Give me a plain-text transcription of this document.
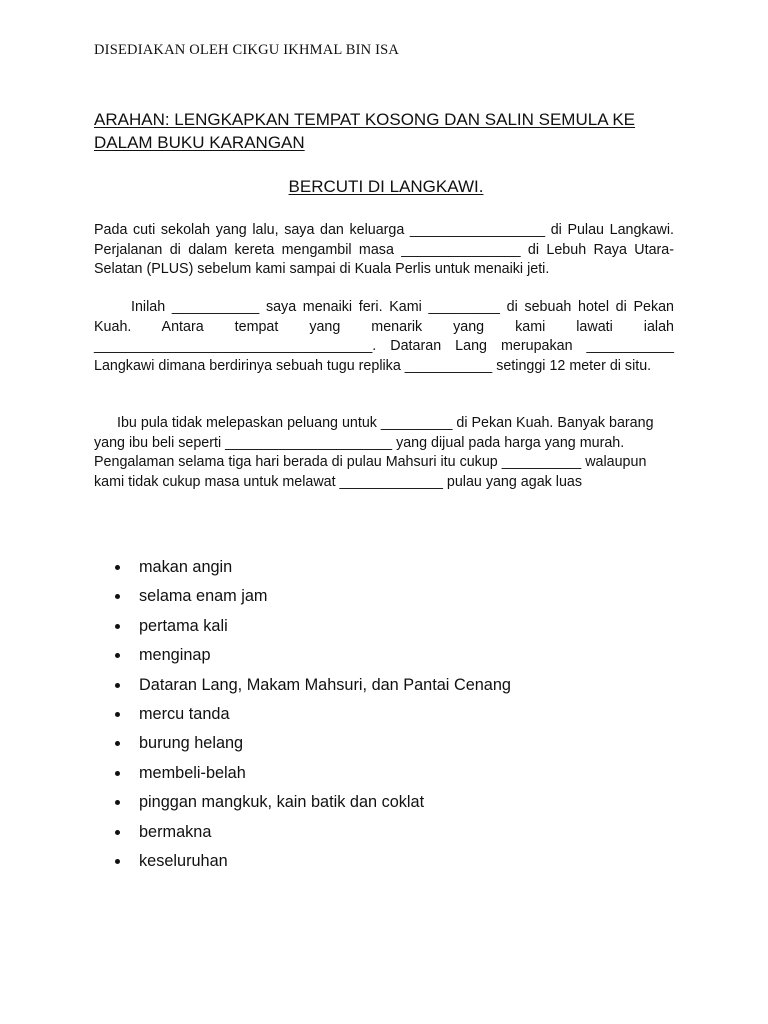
DISEDIAKAN OLEH CIKGU IKHMAL BIN ISA
ARAHAN: LENGKAPKAN TEMPAT KOSONG DAN SALIN SEMULA KE DALAM BUKU KARANGAN
BERCUTI DI LANGKAWI.
Pada cuti sekolah yang lalu, saya dan keluarga _________________ di Pulau Langkawi. Perjalanan di dalam kereta mengambil masa _______________ di Lebuh Raya Utara-Selatan (PLUS) sebelum kami sampai di Kuala Perlis untuk menaiki jeti.
Inilah ___________ saya menaiki feri. Kami _________ di sebuah hotel di Pekan Kuah. Antara tempat yang menarik yang kami lawati ialah ___________________________________. Dataran Lang merupakan ___________ Langkawi dimana berdirinya sebuah tugu replika ___________ setinggi 12 meter di situ.
Ibu pula tidak melepaskan peluang untuk _________ di Pekan Kuah. Banyak barang yang ibu beli seperti _____________________ yang dijual pada harga yang murah. Pengalaman selama tiga hari berada di pulau Mahsuri itu cukup __________ walaupun kami tidak cukup masa untuk melawat _____________ pulau yang agak luas
makan angin
selama enam jam
pertama kali
menginap
Dataran Lang, Makam Mahsuri, dan Pantai Cenang
mercu tanda
burung helang
membeli-belah
pinggan mangkuk, kain batik dan coklat
bermakna
keseluruhan
